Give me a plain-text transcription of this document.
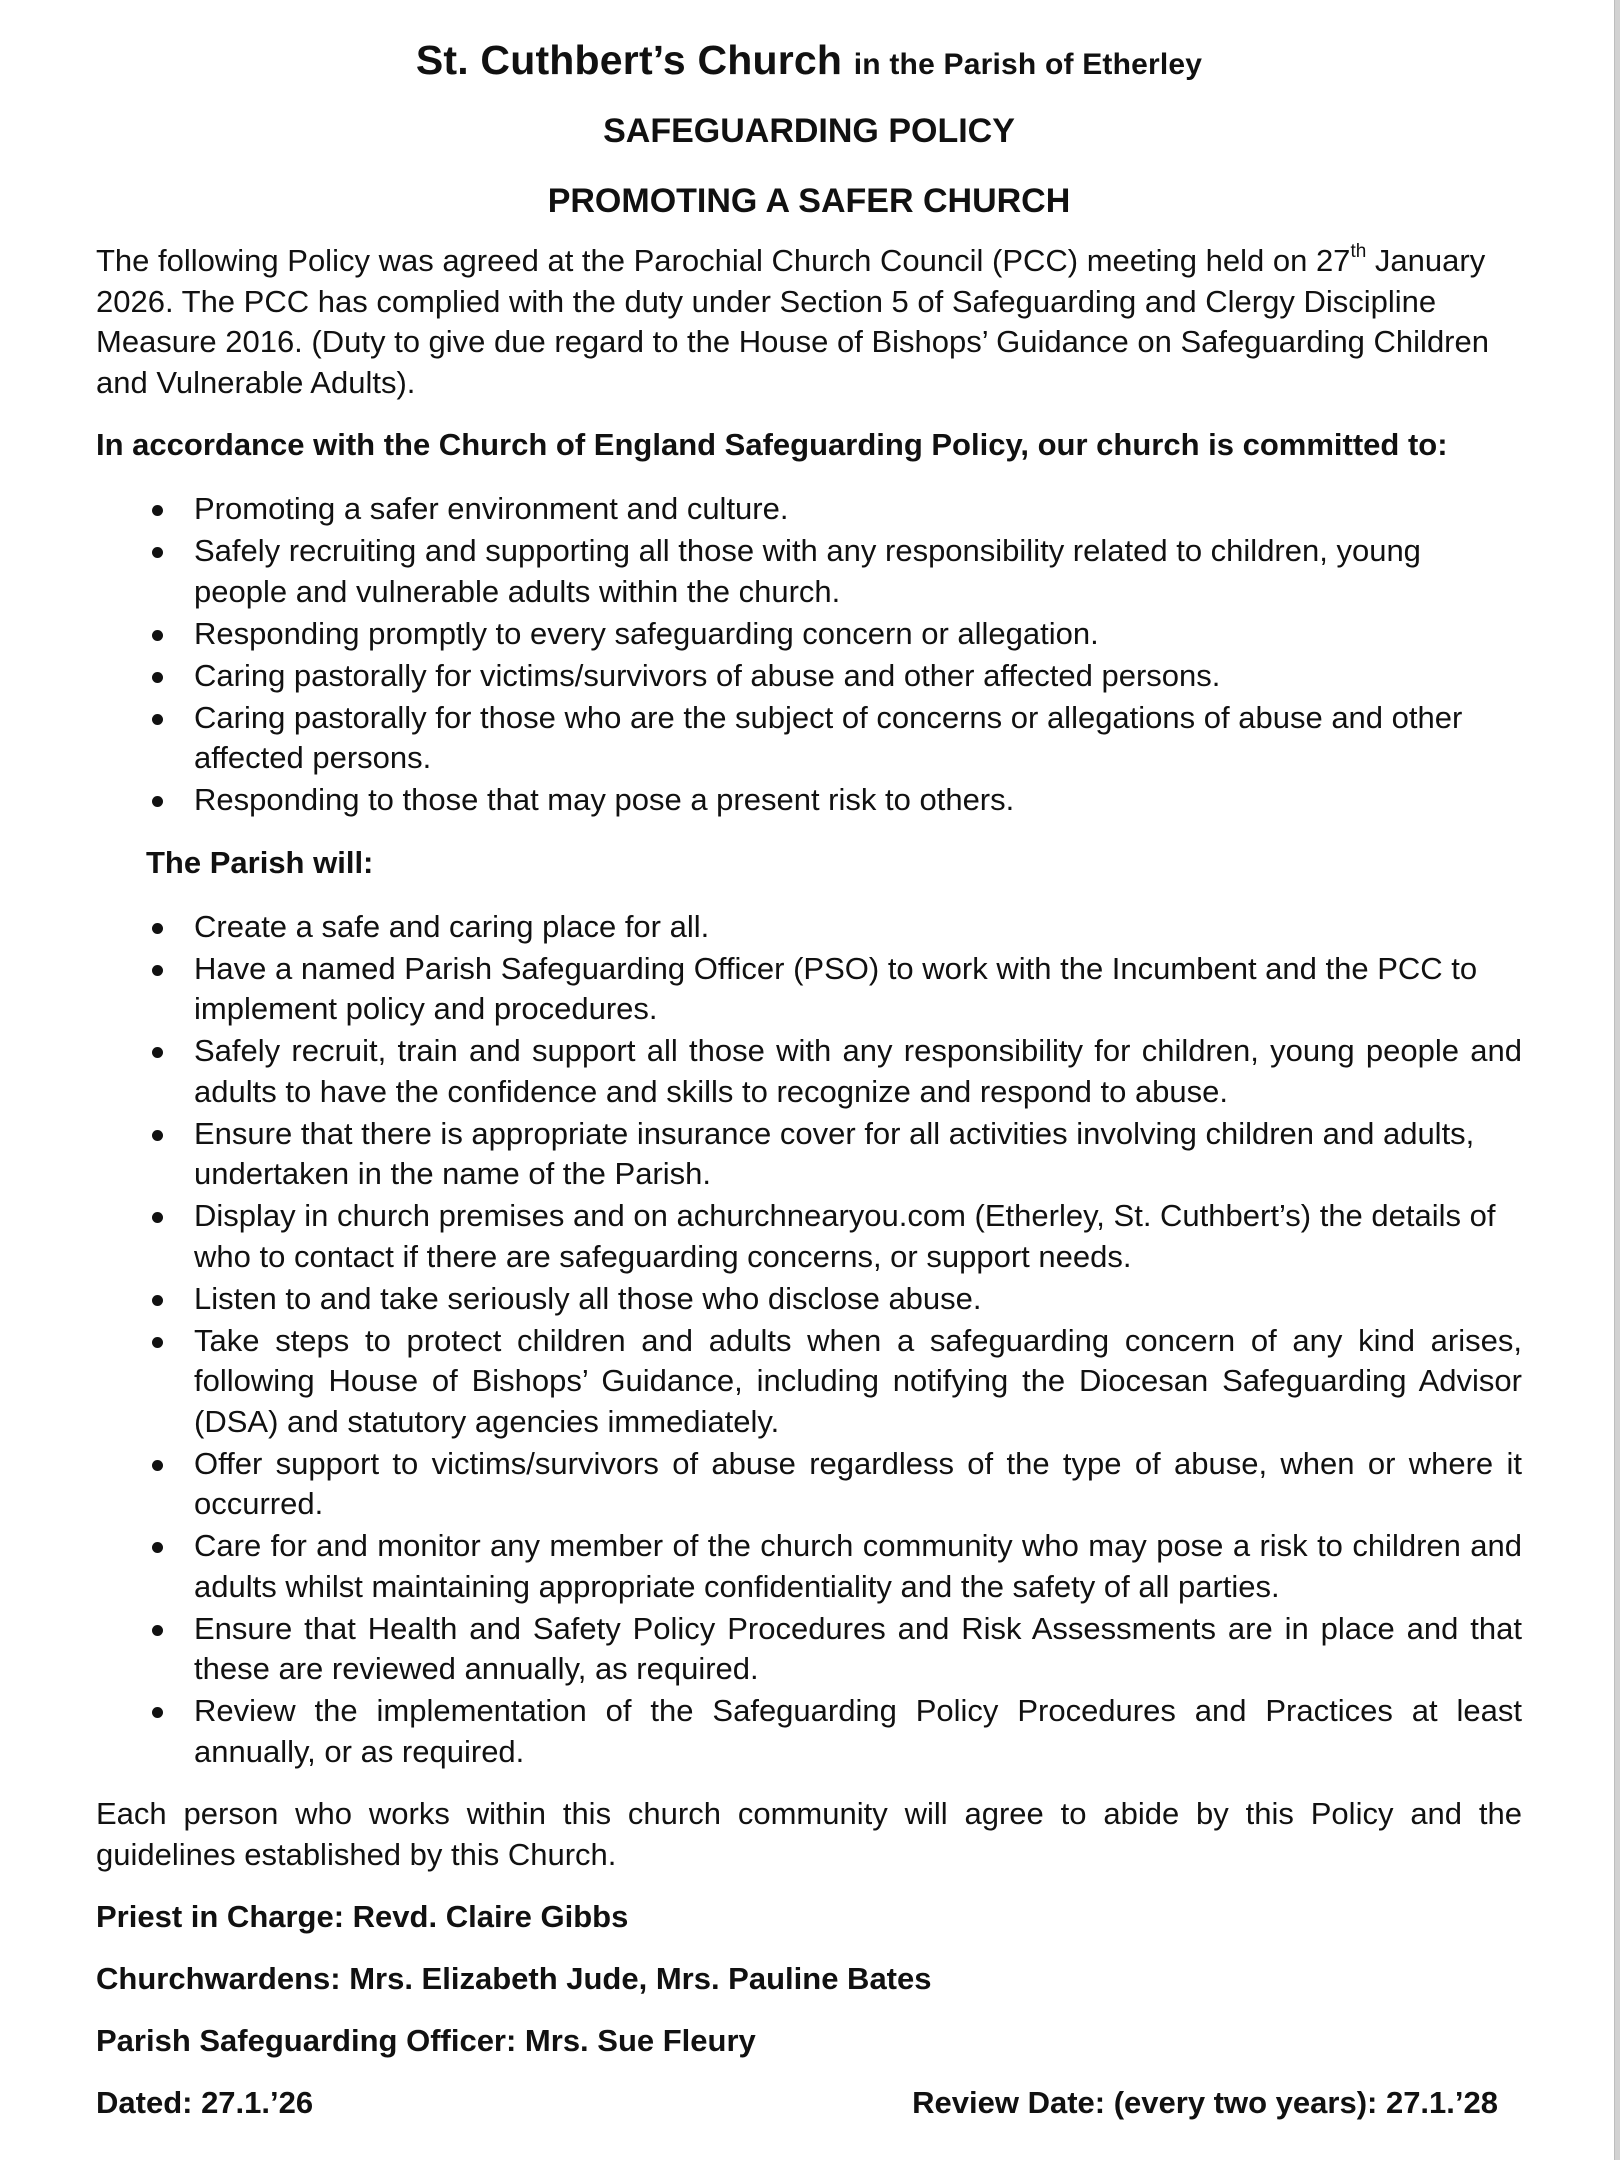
St. Cuthbert’s Church in the Parish of Etherley
SAFEGUARDING POLICY
PROMOTING A SAFER CHURCH

The following Policy was agreed at the Parochial Church Council (PCC) meeting held on 27th January 2026. The PCC has complied with the duty under Section 5 of Safeguarding and Clergy Discipline Measure 2016. (Duty to give due regard to the House of Bishops’ Guidance on Safeguarding Children and Vulnerable Adults).

In accordance with the Church of England Safeguarding Policy, our church is committed to:

Promoting a safer environment and culture.
Safely recruiting and supporting all those with any responsibility related to children, young people and vulnerable adults within the church.
Responding promptly to every safeguarding concern or allegation.
Caring pastorally for victims/survivors of abuse and other affected persons.
Caring pastorally for those who are the subject of concerns or allegations of abuse and other affected persons.
Responding to those that may pose a present risk to others.

The Parish will:

Create a safe and caring place for all.
Have a named Parish Safeguarding Officer (PSO) to work with the Incumbent and the PCC to implement policy and procedures.
Safely recruit, train and support all those with any responsibility for children, young people and adults to have the confidence and skills to recognize and respond to abuse.
Ensure that there is appropriate insurance cover for all activities involving children and adults, undertaken in the name of the Parish.
Display in church premises and on achurchnearyou.com (Etherley, St. Cuthbert’s) the details of who to contact if there are safeguarding concerns, or support needs.
Listen to and take seriously all those who disclose abuse.
Take steps to protect children and adults when a safeguarding concern of any kind arises, following House of Bishops’ Guidance, including notifying the Diocesan Safeguarding Advisor (DSA) and statutory agencies immediately.
Offer support to victims/survivors of abuse regardless of the type of abuse, when or where it occurred.
Care for and monitor any member of the church community who may pose a risk to children and adults whilst maintaining appropriate confidentiality and the safety of all parties.
Ensure that Health and Safety Policy Procedures and Risk Assessments are in place and that these are reviewed annually, as required.
Review the implementation of the Safeguarding Policy Procedures and Practices at least annually, or as required.

Each person who works within this church community will agree to abide by this Policy and the guidelines established by this Church.

Priest in Charge: Revd. Claire Gibbs

Churchwardens: Mrs. Elizabeth Jude, Mrs. Pauline Bates

Parish Safeguarding Officer: Mrs. Sue Fleury

Dated: 27.1.’26	Review Date: (every two years): 27.1.’28
